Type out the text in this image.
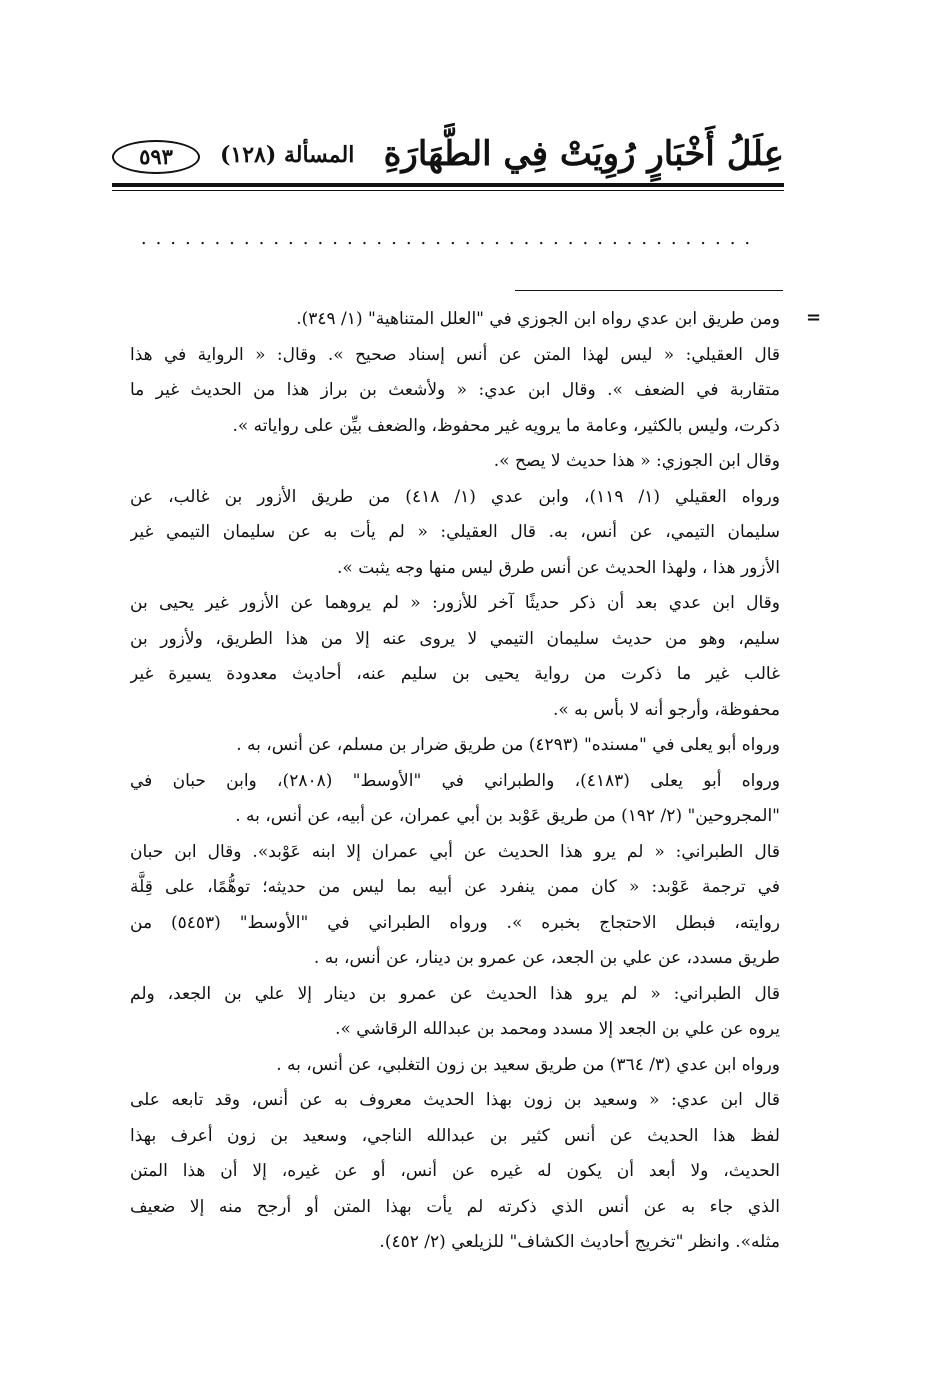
عِلَلُ أَخْبَارٍ رُوِيَتْ فِي الطَّهَارَةِ
المسألة (١٢٨)
٥٩٣
..........................................
=
ومن طريق ابن عدي رواه ابن الجوزي في "العلل المتناهية" (١/ ٣٤٩).
قال العقيلي: « ليس لهذا المتن عن أنس إسناد صحيح ». وقال: « الرواية في هذا
متقاربة في الضعف ». وقال ابن عدي: « ولأشعث بن براز هذا من الحديث غير ما
ذكرت، وليس بالكثير، وعامة ما يرويه غير محفوظ، والضعف بيِّن على رواياته ».
وقال ابن الجوزي: « هذا حديث لا يصح ».
ورواه العقيلي (١/ ١١٩)، وابن عدي (١/ ٤١٨) من طريق الأزور بن غالب، عن
سليمان التيمي، عن أنس، به. قال العقيلي: « لم يأت به عن سليمان التيمي غير
الأزور هذا ، ولهذا الحديث عن أنس طرق ليس منها وجه يثبت ».
وقال ابن عدي بعد أن ذكر حديثًا آخر للأزور: « لم يروهما عن الأزور غير يحيى بن
سليم، وهو من حديث سليمان التيمي لا يروى عنه إلا من هذا الطريق، ولأزور بن
غالب غير ما ذكرت من رواية يحيى بن سليم عنه، أحاديث معدودة يسيرة غير
محفوظة، وأرجو أنه لا بأس به ».
ورواه أبو يعلى في "مسنده" (٤٢٩٣) من طريق ضرار بن مسلم، عن أنس، به .
ورواه أبو يعلى (٤١٨٣)، والطبراني في "الأوسط" (٢٨٠٨)، وابن حبان في
"المجروحين" (٢/ ١٩٢) من طريق عَوْبد بن أبي عمران، عن أبيه، عن أنس، به .
قال الطبراني: « لم يرو هذا الحديث عن أبي عمران إلا ابنه عَوْبد». وقال ابن حبان
في ترجمة عَوْبد: « كان ممن ينفرد عن أبيه بما ليس من حديثه؛ توهُّمًا، على قِلَّة
روايته، فبطل الاحتجاج بخبره ». ورواه الطبراني في "الأوسط" (٥٤٥٣) من
طريق مسدد، عن علي بن الجعد، عن عمرو بن دينار، عن أنس، به .
قال الطبراني: « لم يرو هذا الحديث عن عمرو بن دينار إلا علي بن الجعد، ولم
يروه عن علي بن الجعد إلا مسدد ومحمد بن عبدالله الرقاشي ».
ورواه ابن عدي (٣/ ٣٦٤) من طريق سعيد بن زون التغلبي، عن أنس، به .
قال ابن عدي: « وسعيد بن زون بهذا الحديث معروف به عن أنس، وقد تابعه على
لفظ هذا الحديث عن أنس كثير بن عبدالله الناجي، وسعيد بن زون أعرف بهذا
الحديث، ولا أبعد أن يكون له غيره عن أنس، أو عن غيره، إلا أن هذا المتن
الذي جاء به عن أنس الذي ذكرته لم يأت بهذا المتن أو أرجح منه إلا ضعيف
مثله». وانظر "تخريج أحاديث الكشاف" للزيلعي (٢/ ٤٥٢).
